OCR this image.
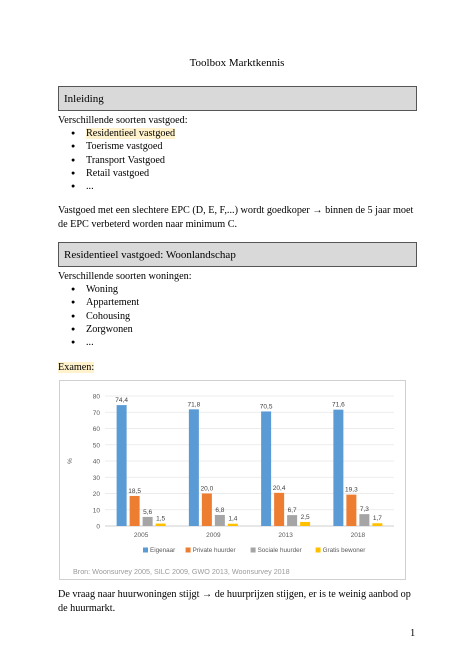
Toolbox Marktkennis
Inleiding
Verschillende soorten vastgoed:
● Residentieel vastgoed
● Toerisme vastgoed
● Transport Vastgoed
● Retail vastgoed
● ...
Vastgoed met een slechtere EPC (D, E, F,...) wordt goedkoper → binnen de 5 jaar moet de EPC verbeterd worden naar minimum C.
Residentieel vastgoed: Woonlandschap
Verschillende soorten woningen:
● Woning
● Appartement
● Cohousing
● Zorgwonen
● ...
Examen:
0
10
20
30
40
50
60
70
80
%
74,4
18,5
5,6
1,5
2005
71,8
20,0
6,8
1,4
2009
70,5
20,4
6,7
2,5
2013
71,6
19,3
7,3
1,7
2018
Eigenaar	Private huurder	Sociale huurder	Gratis bewoner
Bron: Woonsurvey 2005, SILC 2009, GWO 2013, Woonsurvey 2018
De vraag naar huurwoningen stijgt → de huurprijzen stijgen, er is te weinig aanbod op de huurmarkt.
1
